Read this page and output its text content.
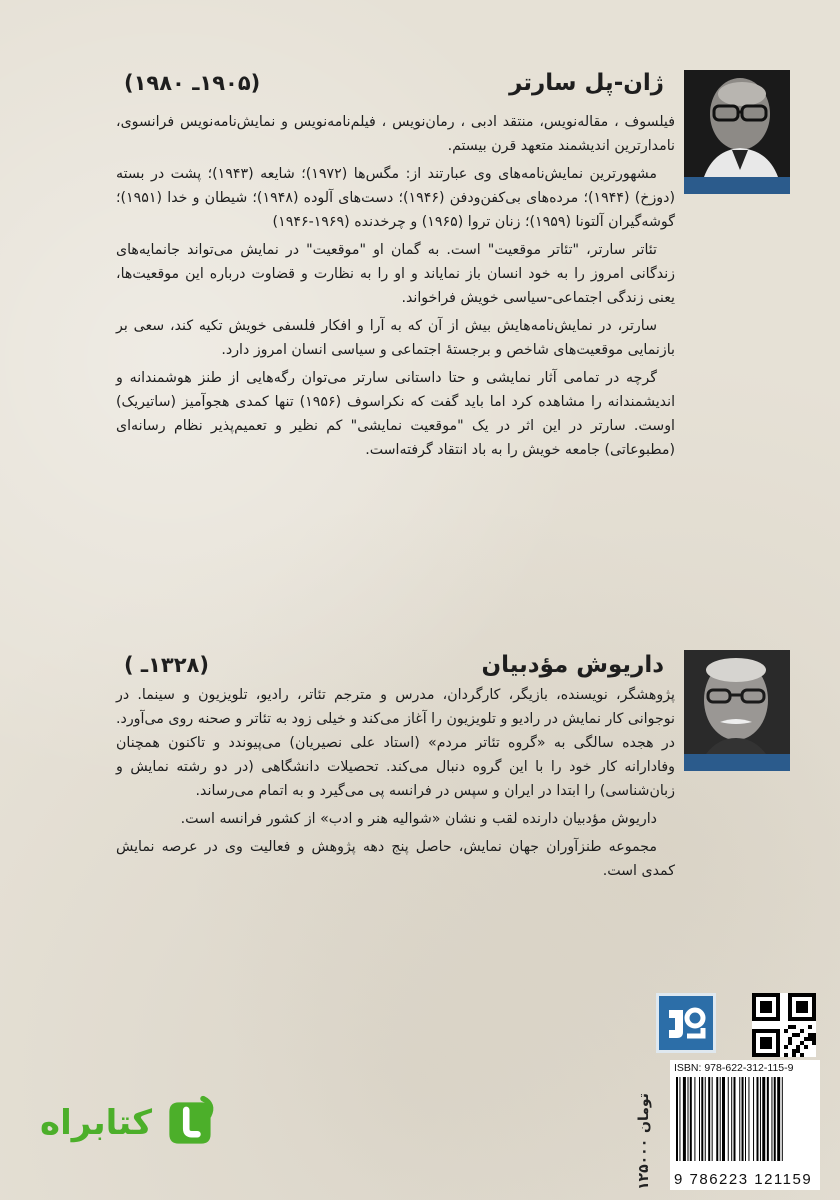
(۱۹۰۵ـ ۱۹۸۰)	ژان-پل سارتر

فیلسوف ، مقاله‌نویس، منتقد ادبی ، رمان‌نویس ، فیلم‌نامه‌نویس و نمایش‌نامه‌نویس فرانسوی، نامدارترین اندیشمند متعهد قرن بیستم.

مشهورترین نمایش‌نامه‌های وی عبارتند از: مگس‌ها (۱۹۷۲)؛ شایعه (۱۹۴۳)؛ پشت در بسته (دوزخ) (۱۹۴۴)؛ مرده‌های بی‌کفن‌ودفن (۱۹۴۶)؛ دست‌های آلوده (۱۹۴۸)؛ شیطان و خدا (۱۹۵۱)؛ گوشه‌گیران آلتونا (۱۹۵۹)؛ زنان تروا (۱۹۶۵) و چرخدنده (۱۹۶۹-۱۹۴۶)

تئاتر سارتر، "تئاتر موقعیت" است. به گمان او "موقعیت" در نمایش می‌تواند جانمایه‌های زندگانی امروز را به خود انسان باز نمایاند و او را به نظارت و قضاوت درباره این موقعیت‌ها، یعنی زندگی اجتماعی-سیاسی خویش فراخواند.

سارتر، در نمایش‌نامه‌هایش بیش از آن که به آرا و افکار فلسفی خویش تکیه کند، سعی بر بازنمایی موقعیت‌های شاخص و برجستهٔ اجتماعی و سیاسی انسان امروز دارد.

گرچه در تمامی آثار نمایشی و حتا داستانی سارتر می‌توان رگه‌هایی از طنز هوشمندانه و اندیشمندانه را مشاهده کرد اما باید گفت که نکراسوف (۱۹۵۶) تنها کمدی هجوآمیز (ساتیریک) اوست. سارتر در این اثر در یک "موقعیت نمایشی" کم نظیر و تعمیم‌پذیر نظام رسانه‌ای (مطبوعاتی) جامعه خویش را به باد انتقاد گرفته‌است.

(۱۳۲۸ـ )	داریوش مؤدبیان

پژوهشگر، نویسنده، بازیگر، کارگردان، مدرس و مترجم تئاتر، رادیو، تلویزیون و سینما. در نوجوانی کار نمایش در رادیو و تلویزیون را آغاز می‌کند و خیلی زود به تئاتر و صحنه روی می‌آورد. در هجده سالگی به «گروه تئاتر مردم» (استاد علی نصیریان) می‌پیوندد و تاکنون همچنان وفادارانه کار خود را با این گروه دنبال می‌کند. تحصیلات دانشگاهی (در دو رشته نمایش و زبان‌شناسی) را ابتدا در ایران و سپس در فرانسه پی می‌گیرد و به اتمام می‌رساند.

داریوش مؤدبیان دارنده لقب و نشان «شوالیه هنر و ادب» از کشور فرانسه است.

مجموعه طنزآوران جهان نمایش، حاصل پنج دهه پژوهش و فعالیت وی در عرصه نمایش کمدی است.

ISBN: 978-622-312-115-9
9 786223 121159
۱۲۵۰۰۰
تومان
کتابراه
